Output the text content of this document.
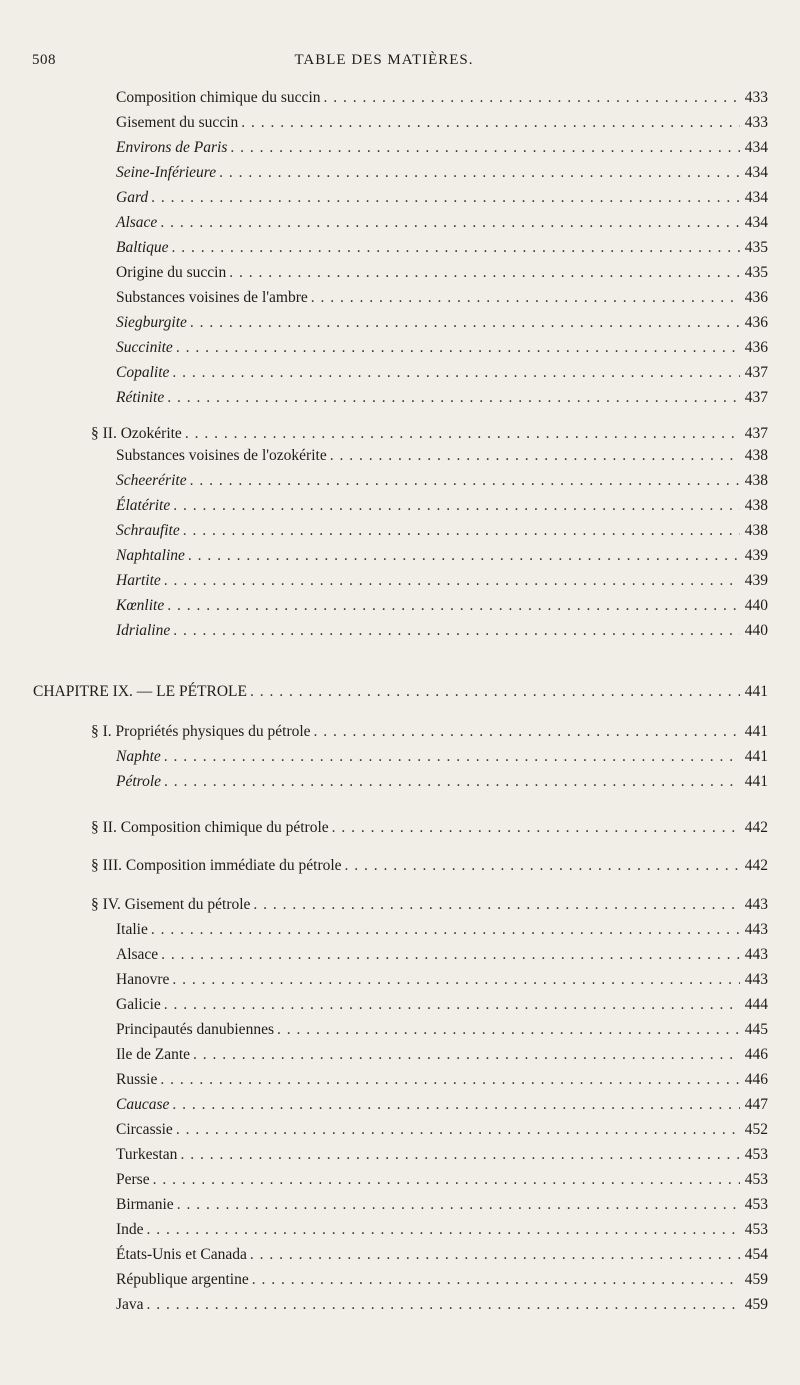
508	TABLE DES MATIÈRES.
Composition chimique du succin . . .	433
Gisement du succin . . .	433
Environs de Paris . . .	434
Seine-Inférieure . . .	434
Gard . . .	434
Alsace . . .	434
Baltique . . .	435
Origine du succin . . .	435
Substances voisines de l'ambre . . .	436
Siegburgite . . .	436
Succinite . . .	436
Copalite . . .	437
Rétinite . . .	437
§ II. Ozokérite . . .	437
Substances voisines de l'ozokérite . . .	438
Scheerérite . . .	438
Élatérite . . .	438
Schraufite . . .	438
Naphtaline . . .	439
Hartite . . .	439
Kœnlite . . .	440
Idrialine . . .	440
CHAPITRE IX. — LE PÉTROLE . . .	441
§ I. Propriétés physiques du pétrole . . .	441
Naphte . . .	441
Pétrole . . .	441
§ II. Composition chimique du pétrole . . .	442
§ III. Composition immédiate du pétrole . . .	442
§ IV. Gisement du pétrole . . .	443
Italie . . .	443
Alsace . . .	443
Hanovre . . .	443
Galicie . . .	444
Principautés danubiennes . . .	445
Ile de Zante . . .	446
Russie . . .	446
Caucase . . .	447
Circassie . . .	452
Turkestan . . .	453
Perse . . .	453
Birmanie . . .	453
Inde . . .	453
États-Unis et Canada . . .	454
République argentine . . .	459
Java . . .	459
